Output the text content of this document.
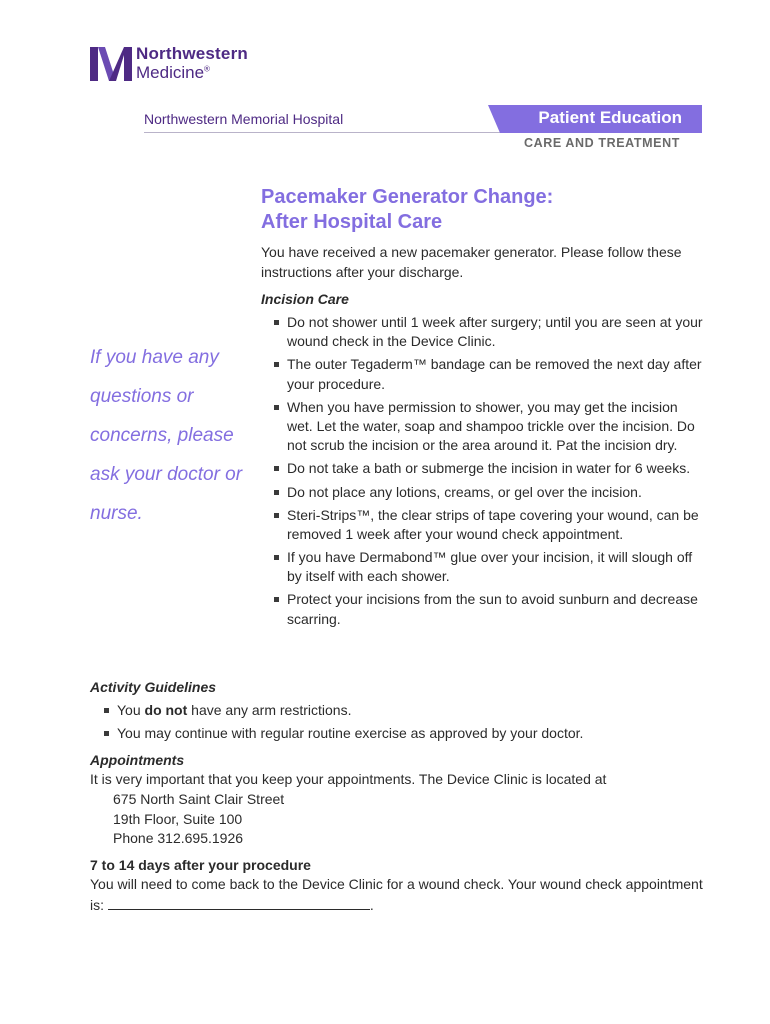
Northwestern
Medicine®
Northwestern Memorial Hospital	Patient Education
CARE AND TREATMENT
Pacemaker Generator Change:
After Hospital Care
You have received a new pacemaker generator. Please follow these instructions after your discharge.
If you have any questions or concerns, please ask your doctor or nurse.
Incision Care
Do not shower until 1 week after surgery; until you are seen at your wound check in the Device Clinic.
The outer Tegaderm™ bandage can be removed the next day after your procedure.
When you have permission to shower, you may get the incision wet. Let the water, soap and shampoo trickle over the incision. Do not scrub the incision or the area around it. Pat the incision dry.
Do not take a bath or submerge the incision in water for 6 weeks.
Do not place any lotions, creams, or gel over the incision.
Steri-Strips™, the clear strips of tape covering your wound, can be removed 1 week after your wound check appointment.
If you have Dermabond™ glue over your incision, it will slough off by itself with each shower.
Protect your incisions from the sun to avoid sunburn and decrease scarring.
Activity Guidelines
You do not have any arm restrictions.
You may continue with regular routine exercise as approved by your doctor.
Appointments
It is very important that you keep your appointments. The Device Clinic is located at
675 North Saint Clair Street
19th Floor, Suite 100
Phone 312.695.1926
7 to 14 days after your procedure
You will need to come back to the Device Clinic for a wound check. Your wound check appointment is:	.
